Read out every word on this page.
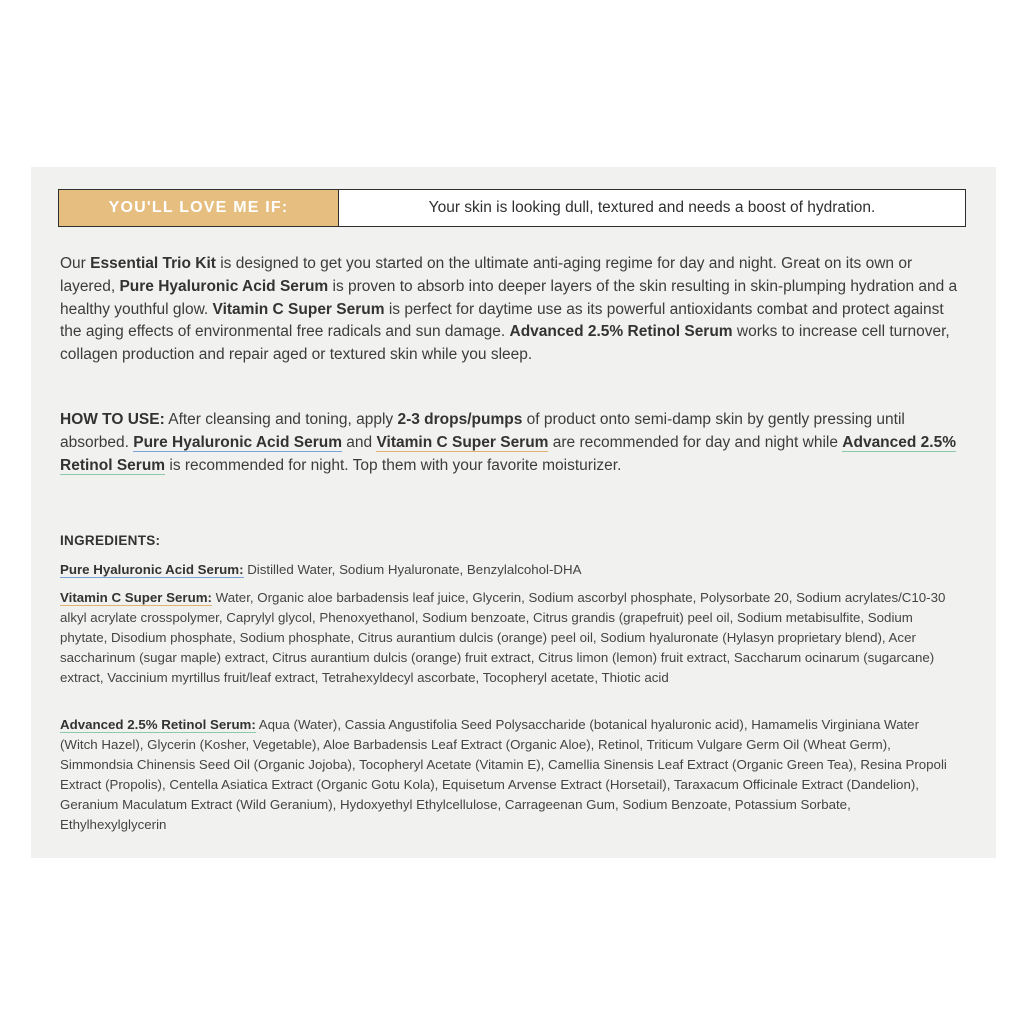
YOU'LL LOVE ME IF:	Your skin is looking dull, textured and needs a boost of hydration.

Our Essential Trio Kit is designed to get you started on the ultimate anti-aging regime for day and night. Great on its own or layered, Pure Hyaluronic Acid Serum is proven to absorb into deeper layers of the skin resulting in skin-plumping hydration and a healthy youthful glow. Vitamin C Super Serum is perfect for daytime use as its powerful antioxidants combat and protect against the aging effects of environmental free radicals and sun damage. Advanced 2.5% Retinol Serum works to increase cell turnover, collagen production and repair aged or textured skin while you sleep.

HOW TO USE: After cleansing and toning, apply 2-3 drops/pumps of product onto semi-damp skin by gently pressing until absorbed. Pure Hyaluronic Acid Serum and Vitamin C Super Serum are recommended for day and night while Advanced 2.5% Retinol Serum is recommended for night. Top them with your favorite moisturizer.

INGREDIENTS:

Pure Hyaluronic Acid Serum: Distilled Water, Sodium Hyaluronate, Benzylalcohol-DHA

Vitamin C Super Serum: Water, Organic aloe barbadensis leaf juice, Glycerin, Sodium ascorbyl phosphate, Polysorbate 20, Sodium acrylates/C10-30 alkyl acrylate crosspolymer, Caprylyl glycol, Phenoxyethanol, Sodium benzoate, Citrus grandis (grapefruit) peel oil, Sodium metabisulfite, Sodium phytate, Disodium phosphate, Sodium phosphate, Citrus aurantium dulcis (orange) peel oil, Sodium hyaluronate (Hylasyn proprietary blend), Acer saccharinum (sugar maple) extract, Citrus aurantium dulcis (orange) fruit extract, Citrus limon (lemon) fruit extract, Saccharum ocinarum (sugarcane) extract, Vaccinium myrtillus fruit/leaf extract, Tetrahexyldecyl ascorbate, Tocopheryl acetate, Thiotic acid

Advanced 2.5% Retinol Serum: Aqua (Water), Cassia Angustifolia Seed Polysaccharide (botanical hyaluronic acid), Hamamelis Virginiana Water (Witch Hazel), Glycerin (Kosher, Vegetable), Aloe Barbadensis Leaf Extract (Organic Aloe), Retinol, Triticum Vulgare Germ Oil (Wheat Germ), Simmondsia Chinensis Seed Oil (Organic Jojoba), Tocopheryl Acetate (Vitamin E), Camellia Sinensis Leaf Extract (Organic Green Tea), Resina Propoli Extract (Propolis), Centella Asiatica Extract (Organic Gotu Kola), Equisetum Arvense Extract (Horsetail), Taraxacum Officinale Extract (Dandelion), Geranium Maculatum Extract (Wild Geranium), Hydoxyethyl Ethylcellulose, Carrageenan Gum, Sodium Benzoate, Potassium Sorbate, Ethylhexylglycerin
